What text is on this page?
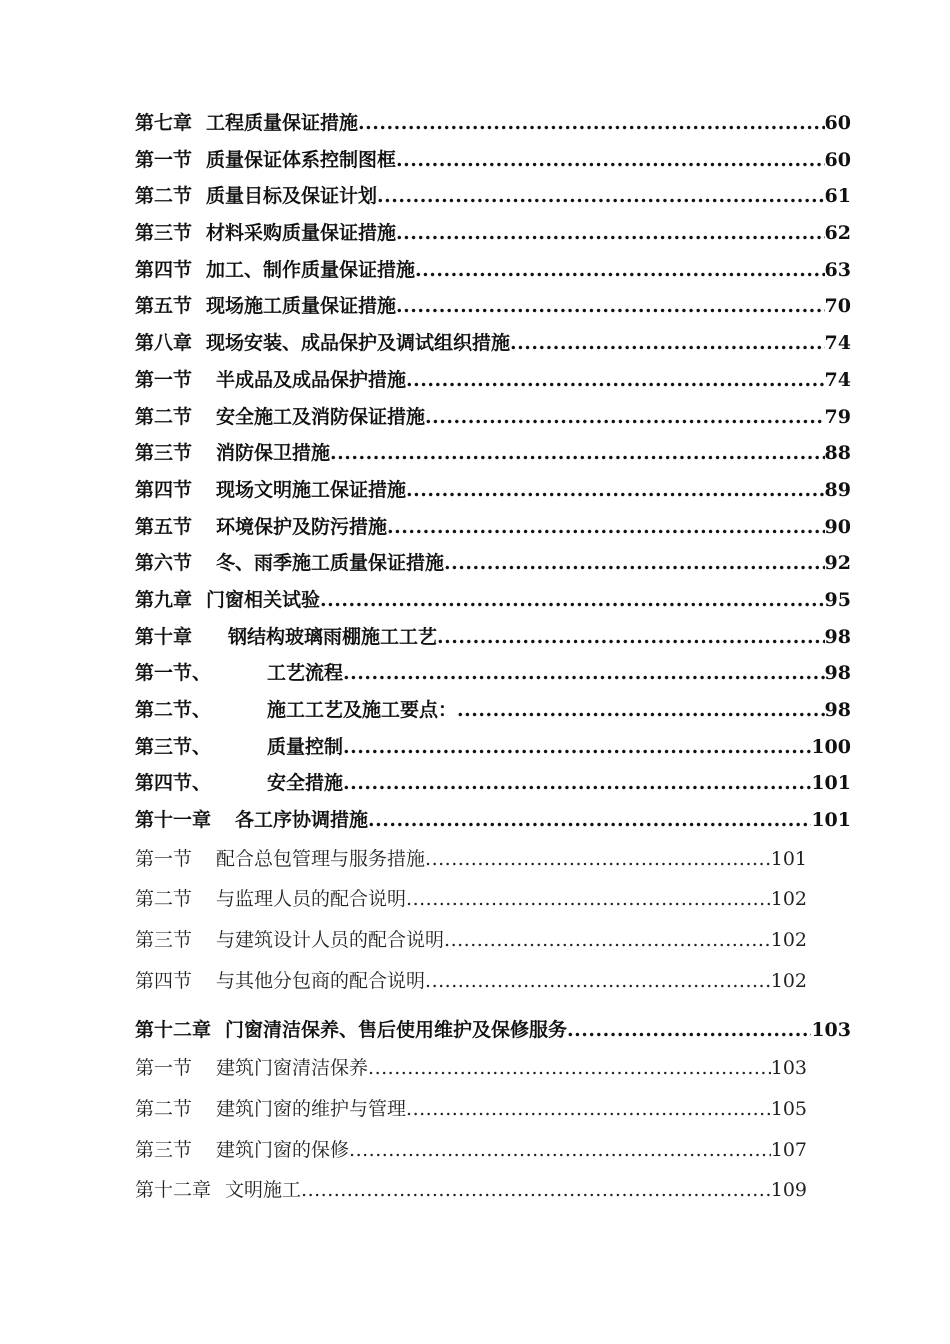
第七章 工程质量保证措施 .....	60
第一节 质量保证体系控制图框 .....	60
第二节 质量目标及保证计划 .....	61
第三节 材料采购质量保证措施 .....	62
第四节 加工、制作质量保证措施 .....	63
第五节 现场施工质量保证措施 .....	70
第八章 现场安装、成品保护及调试组织措施 .....	74
第一节 半成品及成品保护措施 .....	74
第二节 安全施工及消防保证措施 .....	79
第三节 消防保卫措施 .....	88
第四节 现场文明施工保证措施 .....	89
第五节 环境保护及防污措施 .....	90
第六节 冬、雨季施工质量保证措施 .....	92
第九章 门窗相关试验 .....	95
第十章 钢结构玻璃雨棚施工工艺 .....	98
第一节、	工艺流程 .....	98
第二节、	施工工艺及施工要点： .....	98
第三节、	质量控制 .....	100
第四节、	安全措施 .....	101
第十一章 各工序协调措施 .....	101
第一节 配合总包管理与服务措施 .....	101
第二节 与监理人员的配合说明 .....	102
第三节 与建筑设计人员的配合说明 .....	102
第四节 与其他分包商的配合说明 .....	102
第十二章 门窗清洁保养、售后使用维护及保修服务 .....	103
第一节 建筑门窗清洁保养 .....	103
第二节 建筑门窗的维护与管理 .....	105
第三节 建筑门窗的保修 .....	107
第十二章 文明施工 .....	109
